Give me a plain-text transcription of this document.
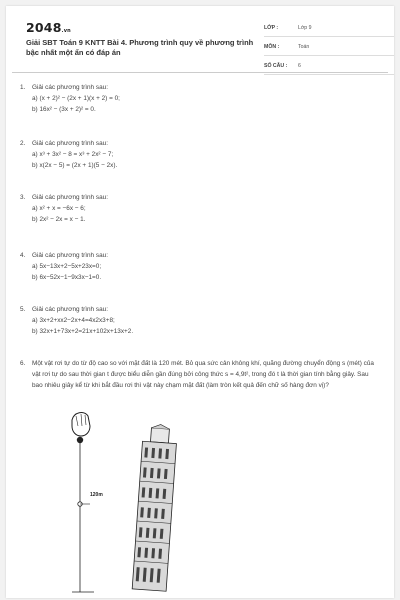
2048.vn
Giải SBT Toán 9 KNTT Bài 4. Phương trình quy về phương trình bậc nhất một ẩn có đáp án
LỚP :	Lớp 9
MÔN :	Toán
SỐ CÂU : 6
1. Giải các phương trình sau:
a) (x + 2)² − (2x + 1)(x + 2) = 0;
b) 16x² − (3x + 2)² = 0.
2. Giải các phương trình sau:
a) x³ + 3x² − 8 = x³ + 2x² − 7;
b) x(2x − 5) = (2x + 1)(5 − 2x).
3. Giải các phương trình sau:
a) x² + x = −6x − 6;
b) 2x² − 2x = x − 1.
4. Giải các phương trình sau:
a) 5x−13x+2−5x+23x=0;
b) 6x−52x−1−9x3x−1=0.
5. Giải các phương trình sau:
a) 3x+2+xx2−2x+4=4x2x3+8;
b) 32x+1+73x+2=21x+102x+13x+2.
6. Một vật rơi tự do từ độ cao so với mặt đất là 120 mét. Bỏ qua sức cản không khí, quãng đường chuyển động s (mét) của vật rơi tự do sau thời gian t được biểu diễn gần đúng bởi công thức s = 4,9t², trong đó t là thời gian tính bằng giây. Sau bao nhiêu giây kể từ khi bắt đầu rơi thì vật này chạm mặt đất (làm tròn kết quả đến chữ số hàng đơn vị)?
120m
